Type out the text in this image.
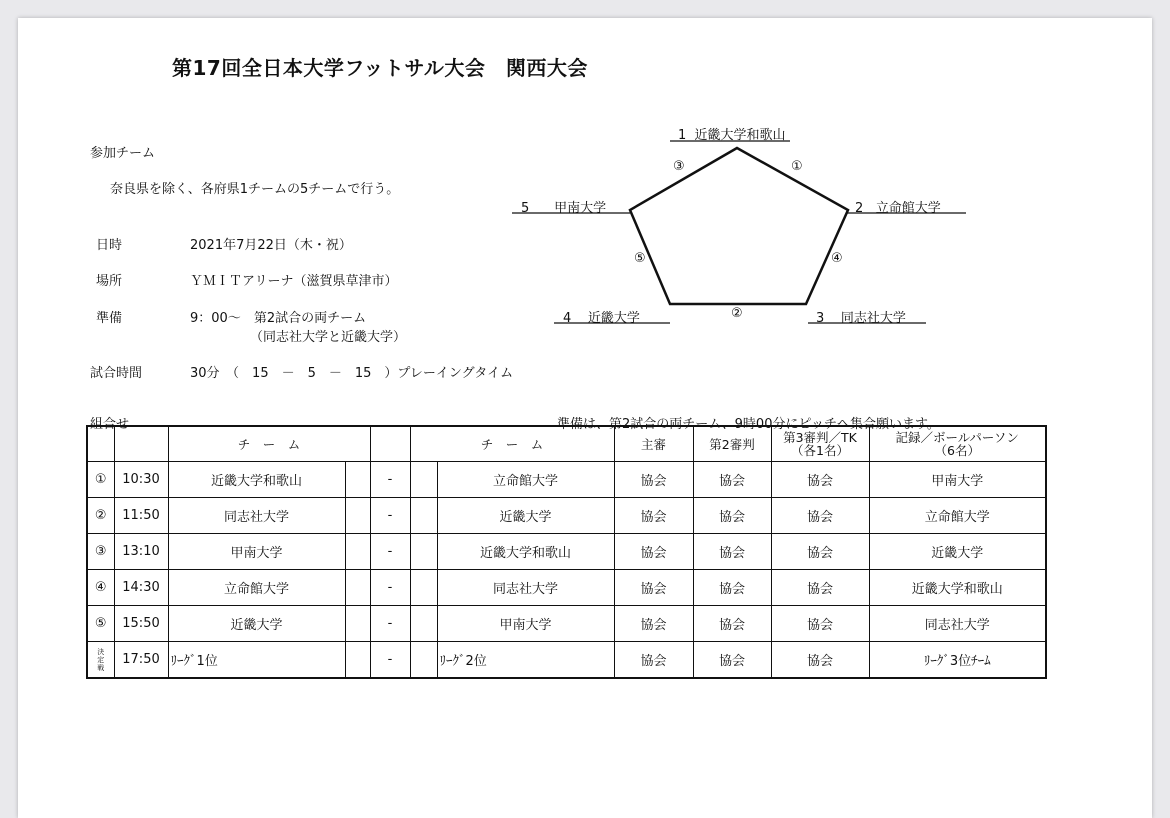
第17回全日本大学フットサル大会　関西大会
参加チーム
奈良県を除く、各府県1チームの5チームで行う。
日時	2021年7月22日（木・祝）
場所	ＹＭＩＴアリーナ（滋賀県草津市）
準備	9：00～　第2試合の両チーム
（同志社大学と近畿大学）
試合時間	30分　（　15　－　5　－　15　）プレーイングタイム
1 近畿大学和歌山
2 立命館大学
3 同志社大学
4 近畿大学
5 甲南大学
①
②
③
④
⑤
組合せ	準備は、第2試合の両チーム、9時00分にピッチへ集合願います。
		チ　ー　ム			チ　ー　ム		主審	第2審判	第3審判／TK
（各1名）	記録／ボールパーソン
（6名）
①	10:30	近畿大学和歌山		-		立命館大学	協会	協会	協会	甲南大学
②	11:50	同志社大学		-		近畿大学	協会	協会	協会	立命館大学
③	13:10	甲南大学		-		近畿大学和歌山	協会	協会	協会	近畿大学
④	14:30	立命館大学		-		同志社大学	協会	協会	協会	近畿大学和歌山
⑤	15:50	近畿大学		-		甲南大学	協会	協会	協会	同志社大学

決定戦	17:50	ﾘｰｸﾞ1位		-		ﾘｰｸﾞ2位	協会	協会	協会	ﾘｰｸﾞ3位ﾁｰﾑ
